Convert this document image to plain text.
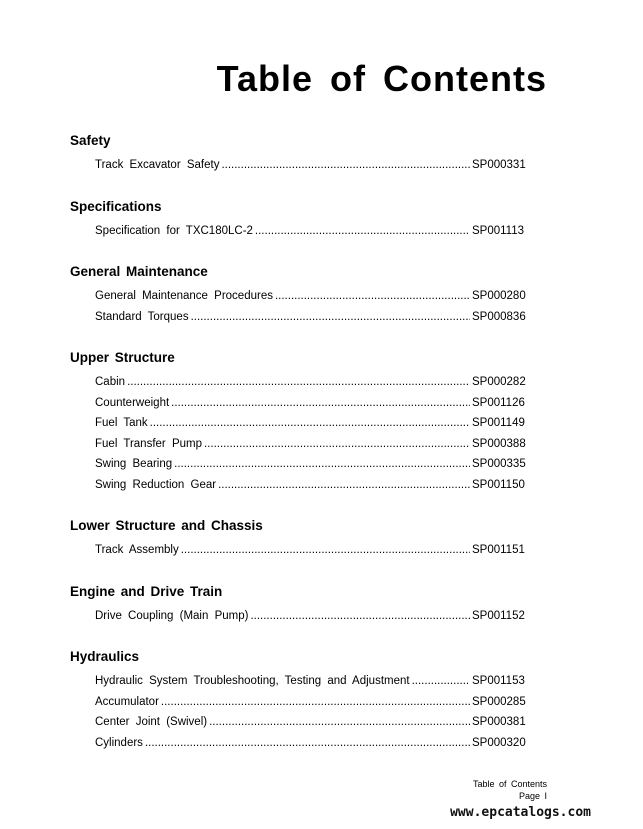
Table of Contents
Safety
Track Excavator Safety .....	SP000331
Specifications
Specification for TXC180LC-2 .....	SP001113
General Maintenance
General Maintenance Procedures .....	SP000280
Standard Torques .....	SP000836
Upper Structure
Cabin .....	SP000282
Counterweight .....	SP001126
Fuel Tank .....	SP001149
Fuel Transfer Pump .....	SP000388
Swing Bearing .....	SP000335
Swing Reduction Gear .....	SP001150
Lower Structure and Chassis
Track Assembly .....	SP001151
Engine and Drive Train
Drive Coupling (Main Pump) .....	SP001152
Hydraulics
Hydraulic System Troubleshooting, Testing and Adjustment .....	SP001153
Accumulator .....	SP000285
Center Joint (Swivel) .....	SP000381
Cylinders .....	SP000320
Table of Contents
Page I
www.epcatalogs.com
